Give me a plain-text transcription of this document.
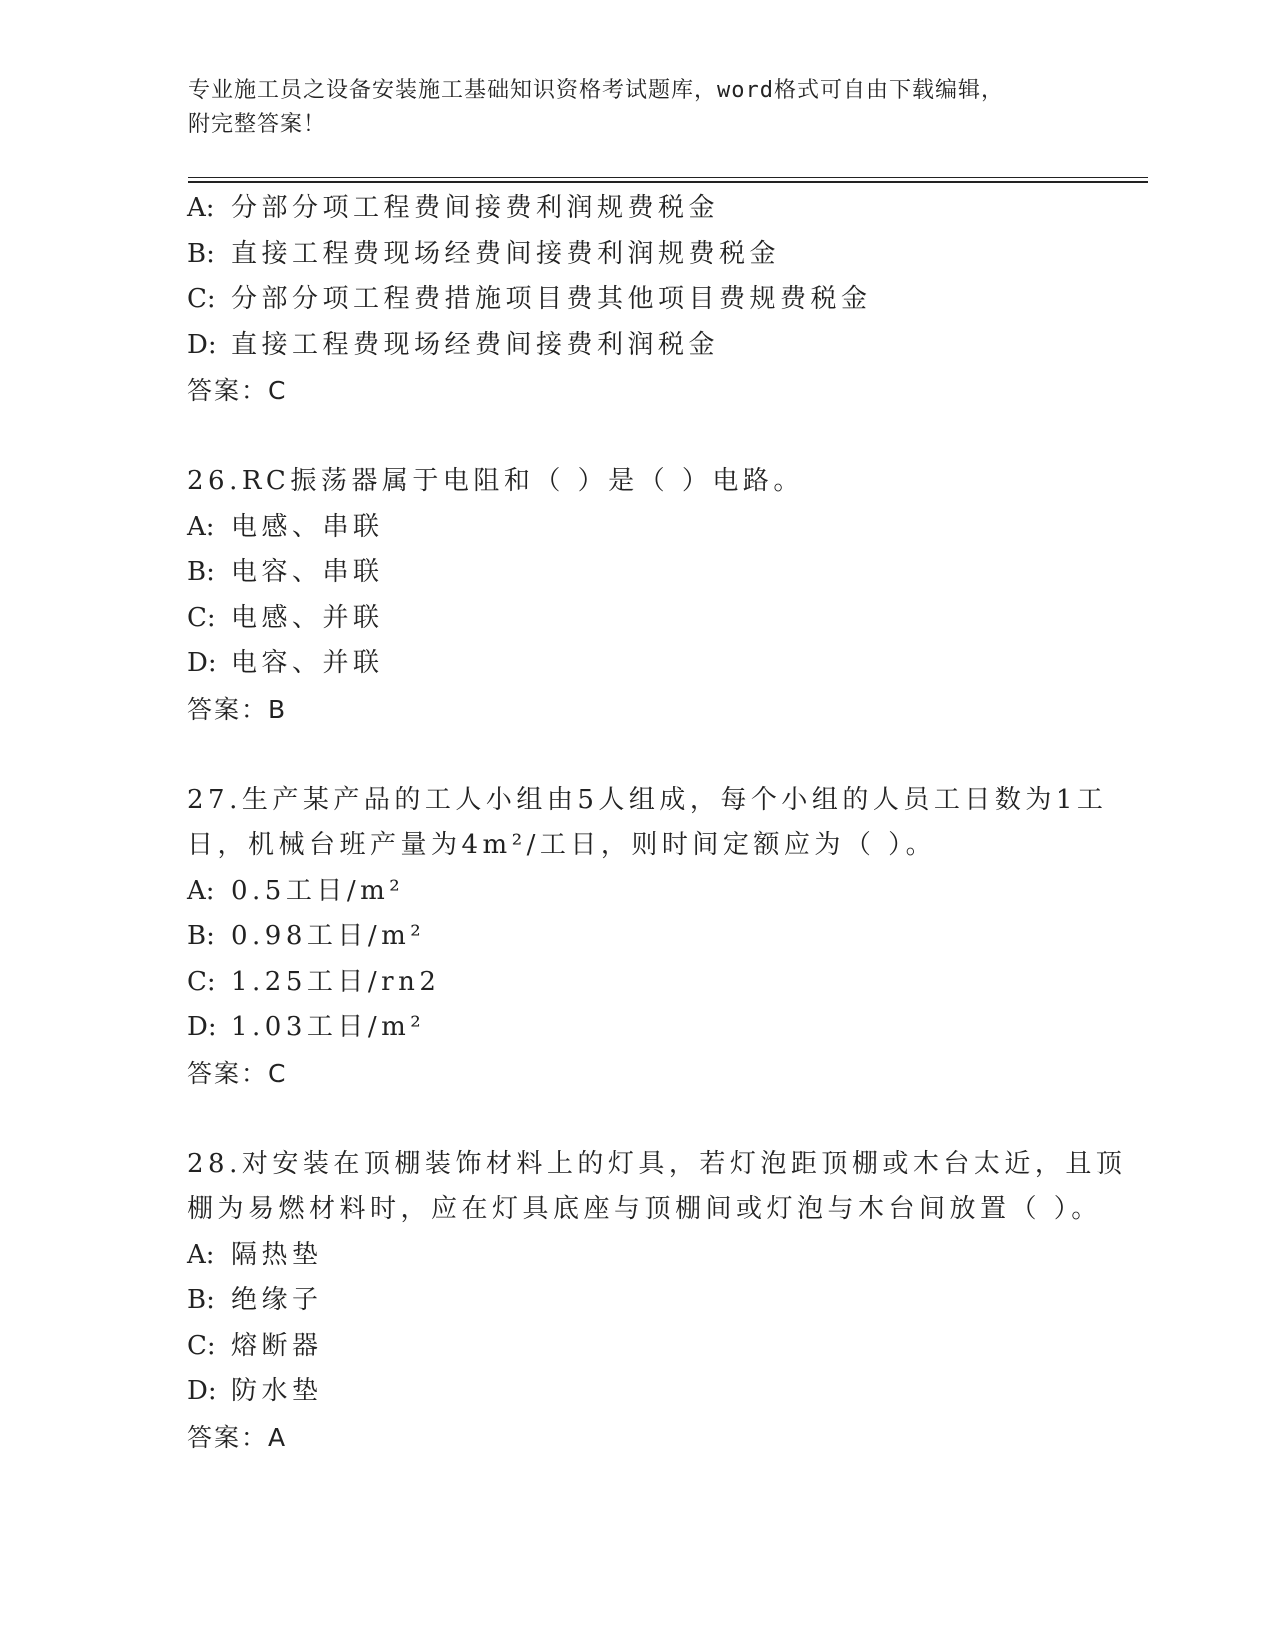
专业施工员之设备安装施工基础知识资格考试题库，word格式可自由下载编辑，
附完整答案！
A: 分部分项工程费间接费利润规费税金
B: 直接工程费现场经费间接费利润规费税金
C: 分部分项工程费措施项目费其他项目费规费税金
D: 直接工程费现场经费间接费利润税金
答案：C
26.RC振荡器属于电阻和（ ）是（ ）电路。
A: 电感、串联
B: 电容、串联
C: 电感、并联
D: 电容、并联
答案：B
27.生产某产品的工人小组由5人组成，每个小组的人员工日数为1工
日，机械台班产量为4m²/工日，则时间定额应为（ ）。
A: 0.5工日/m²
B: 0.98工日/m²
C: 1.25工日/rn2
D: 1.03工日/m²
答案：C
28.对安装在顶棚装饰材料上的灯具，若灯泡距顶棚或木台太近，且顶
棚为易燃材料时，应在灯具底座与顶棚间或灯泡与木台间放置（ ）。
A: 隔热垫
B: 绝缘子
C: 熔断器
D: 防水垫
答案：A
